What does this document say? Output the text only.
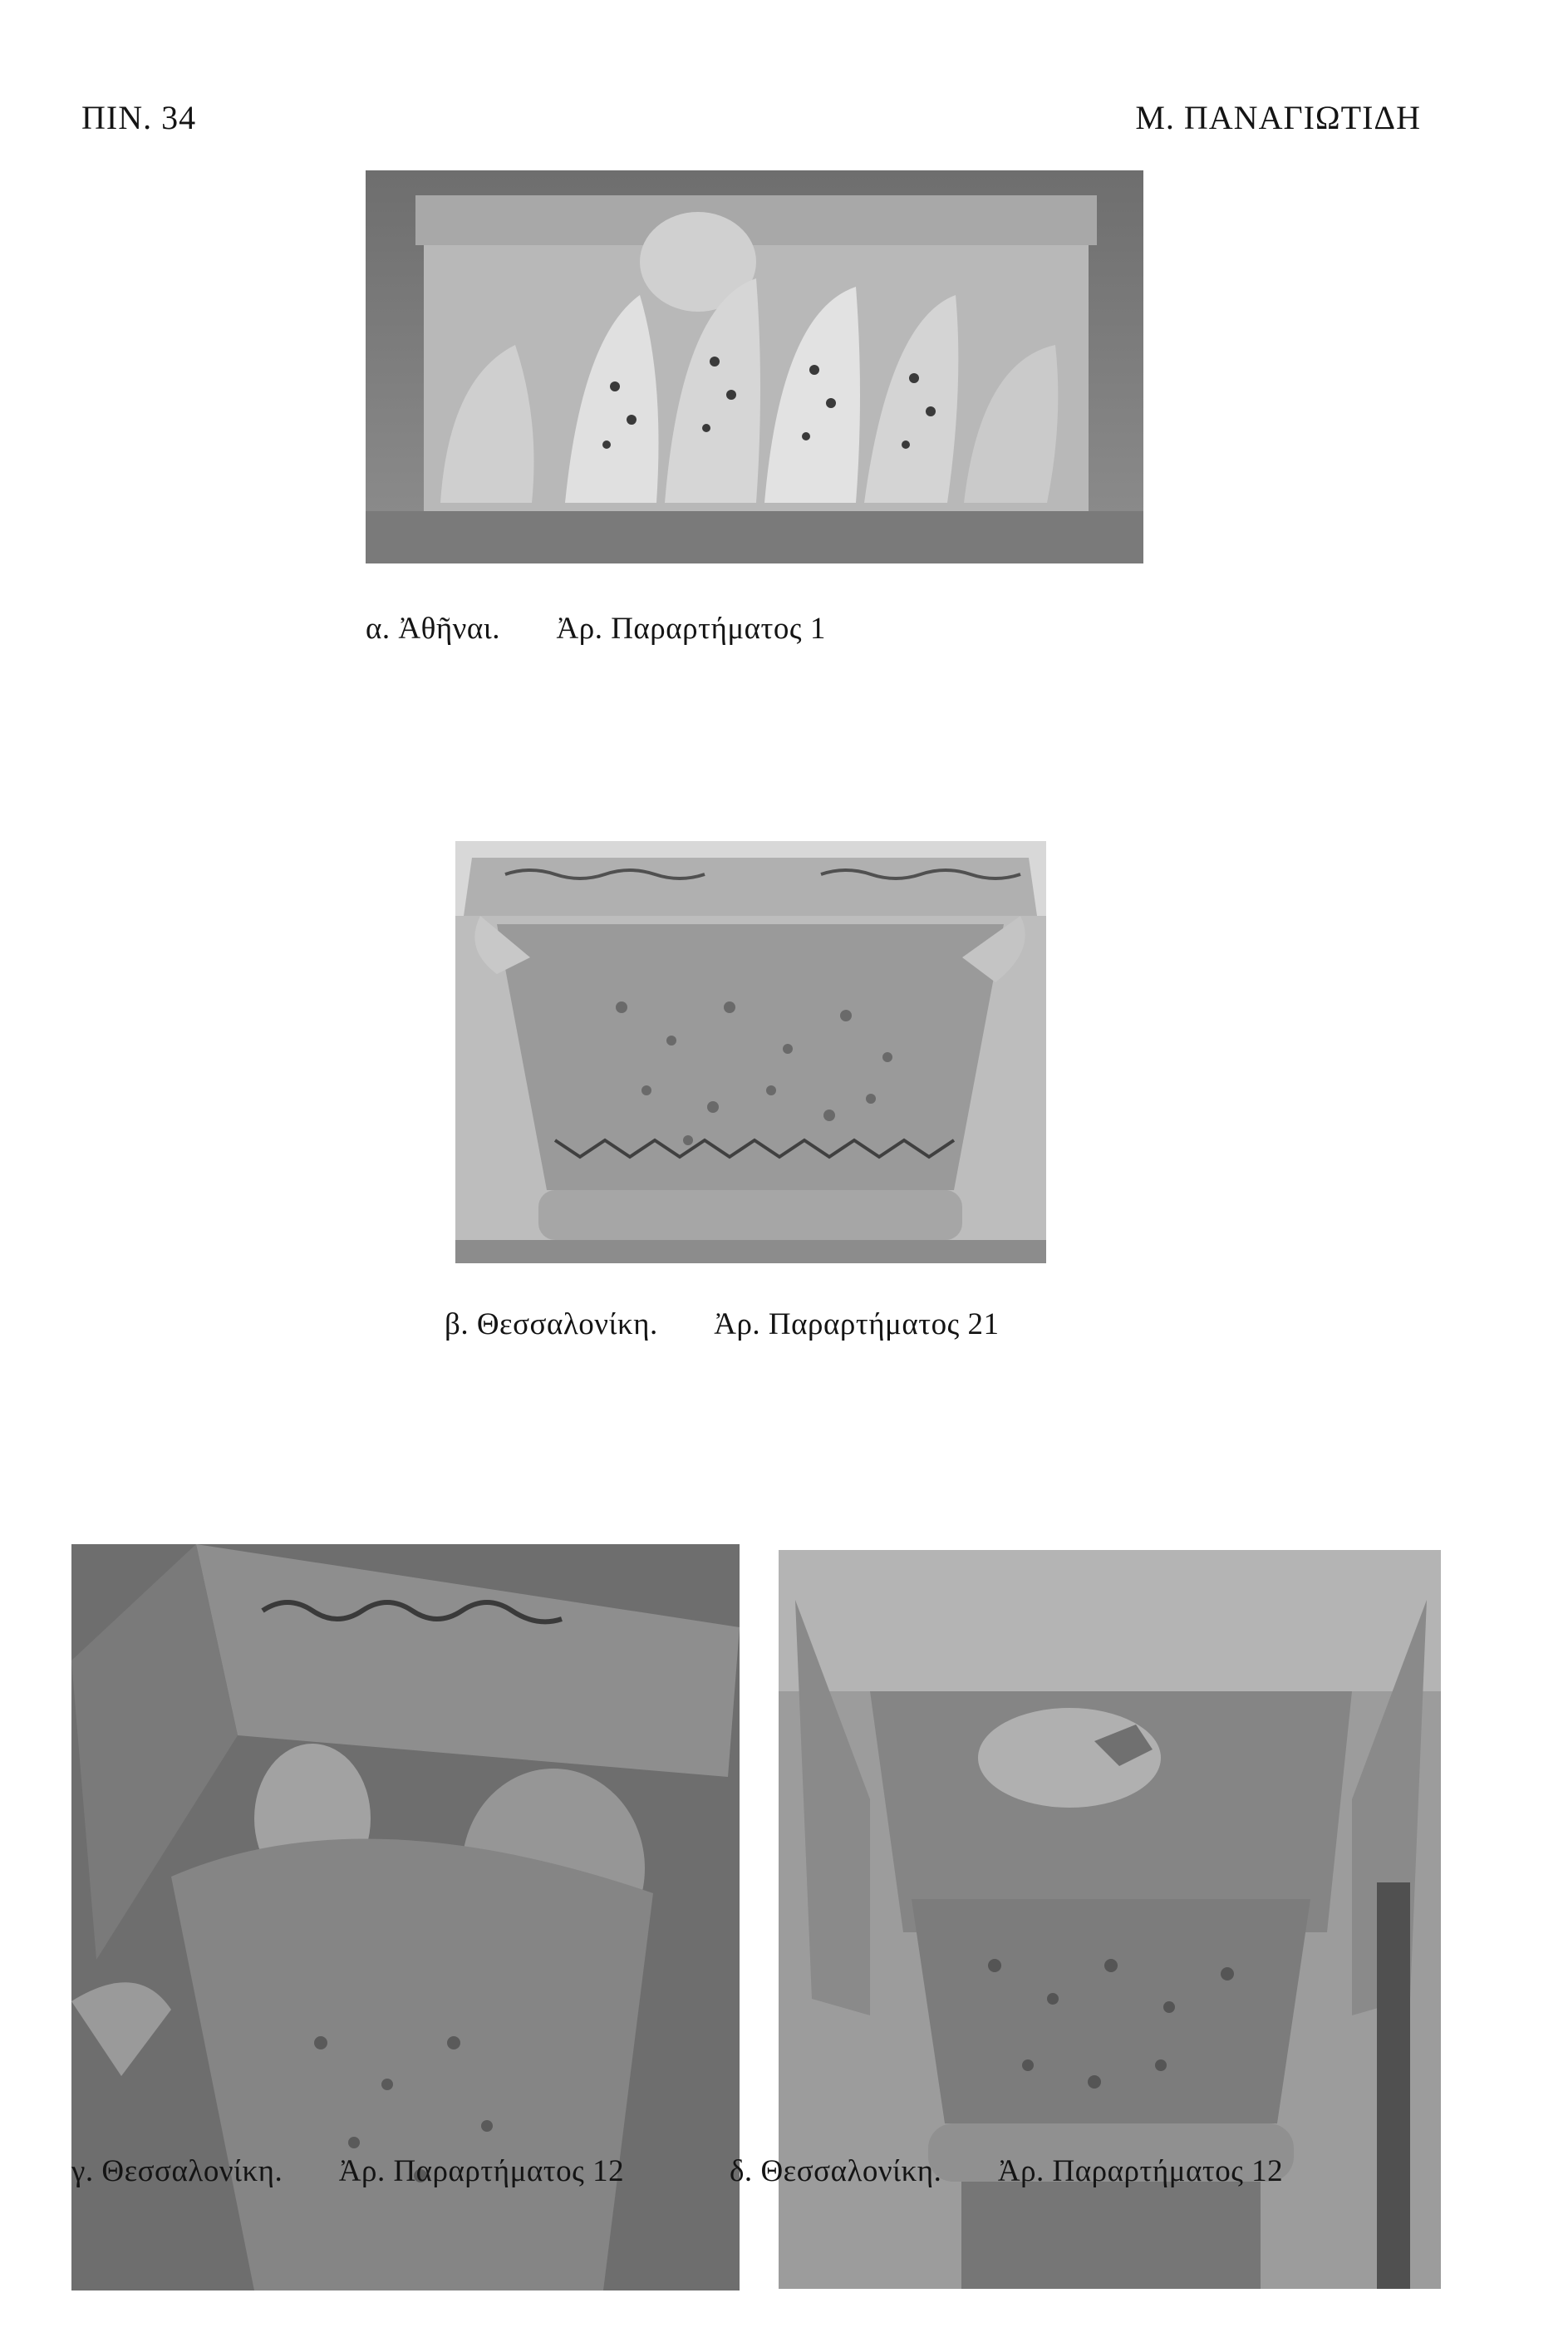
ΠΙΝ. 34	Μ. ΠΑΝΑΓΙΩΤΙΔΗ
α. Ἀθῆναι. Ἀρ. Παραρτήματος 1
β. Θεσσαλονίκη. Ἀρ. Παραρτήματος 21
γ. Θεσσαλονίκη. Ἀρ. Παραρτήματος 12	δ. Θεσσαλονίκη. Ἀρ. Παραρτήματος 12
